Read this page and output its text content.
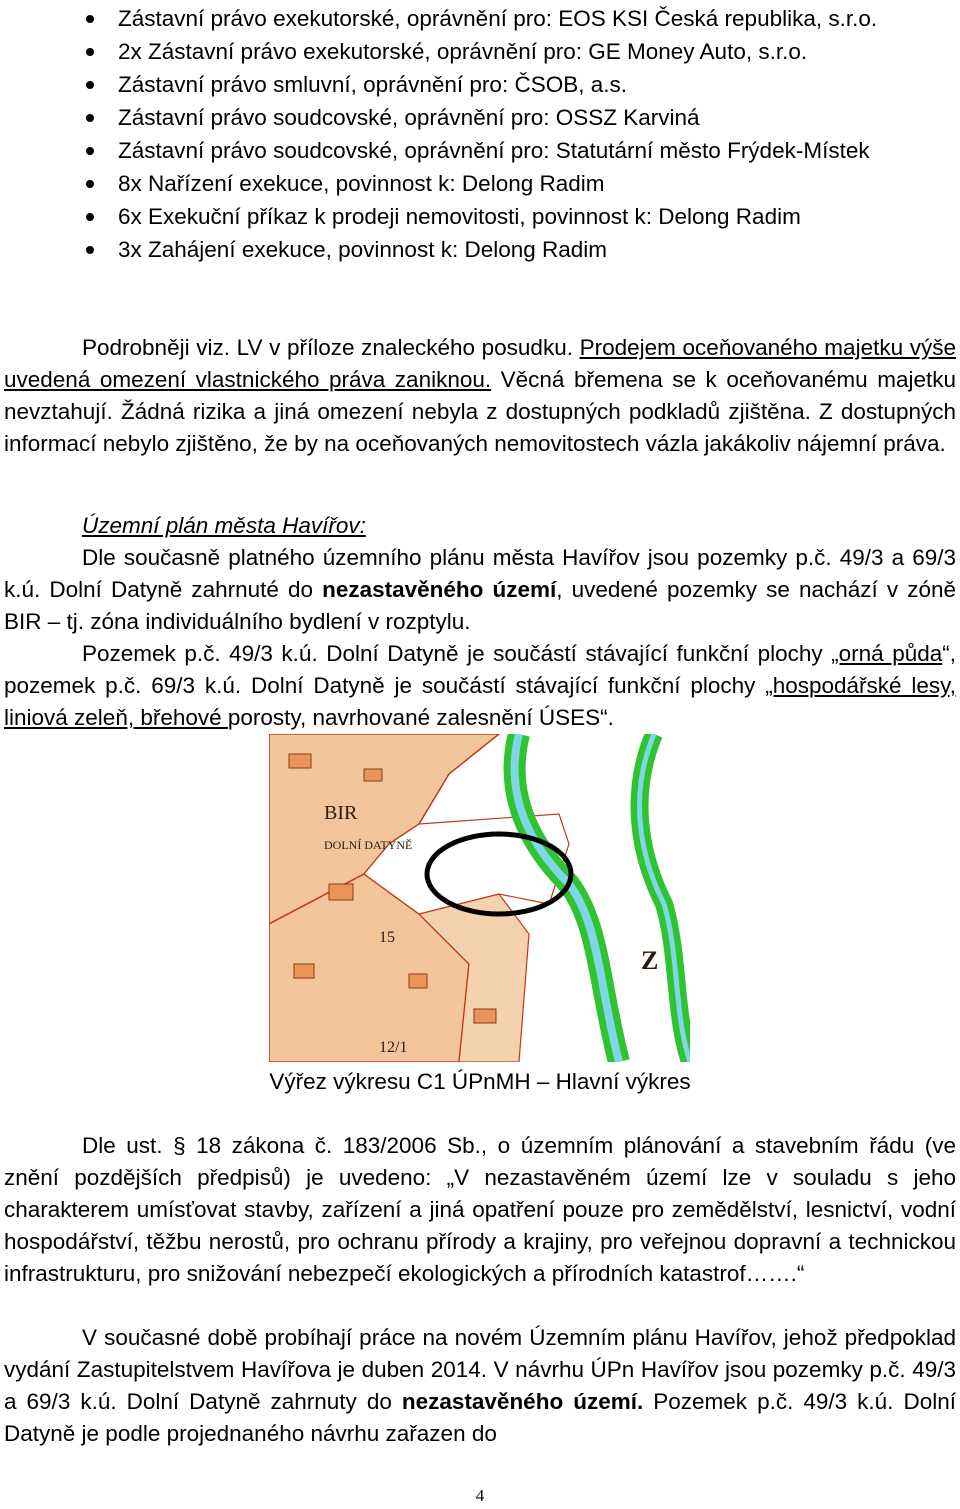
Zástavní právo exekutorské, oprávnění pro: EOS KSI Česká republika, s.r.o.
2x Zástavní právo exekutorské, oprávnění pro: GE Money Auto, s.r.o.
Zástavní právo smluvní, oprávnění pro: ČSOB, a.s.
Zástavní právo soudcovské, oprávnění pro: OSSZ Karviná
Zástavní právo soudcovské, oprávnění pro: Statutární město Frýdek-Místek
8x Nařízení exekuce, povinnost k: Delong Radim
6x Exekuční příkaz k prodeji nemovitosti, povinnost k: Delong Radim
3x Zahájení exekuce, povinnost k: Delong Radim
Podrobněji viz. LV v příloze znaleckého posudku. Prodejem oceňovaného majetku výše uvedená omezení vlastnického práva zaniknou. Věcná břemena se k oceňovanému majetku nevztahují. Žádná rizika a jiná omezení nebyla z dostupných podkladů zjištěna. Z dostupných informací nebylo zjištěno, že by na oceňovaných nemovitostech vázla jakákoliv nájemní práva.
Územní plán města Havířov:
Dle současně platného územního plánu města Havířov jsou pozemky p.č. 49/3 a 69/3 k.ú. Dolní Datyně zahrnuté do nezastavěného území, uvedené pozemky se nachází v zóně BIR – tj. zóna individuálního bydlení v rozptylu.
Pozemek p.č. 49/3 k.ú. Dolní Datyně je součástí stávající funkční plochy „orná půda“, pozemek p.č. 69/3 k.ú. Dolní Datyně je součástí stávající funkční plochy „hospodářské lesy, liniová zeleň, břehové porosty, navrhované zalesnění ÚSES“.
BIR
DOLNÍ DATYNĚ
15
12/1
Z
Výřez výkresu C1 ÚPnMH – Hlavní výkres
Dle ust. § 18 zákona č. 183/2006 Sb., o územním plánování a stavebním řádu (ve znění pozdějších předpisů) je uvedeno: „V nezastavěném území lze v souladu s jeho charakterem umísťovat stavby, zařízení a jiná opatření pouze pro zemědělství, lesnictví, vodní hospodářství, těžbu nerostů, pro ochranu přírody a krajiny, pro veřejnou dopravní a technickou infrastrukturu, pro snižování nebezpečí ekologických a přírodních katastrof…….“
V současné době probíhají práce na novém Územním plánu Havířov, jehož předpoklad vydání Zastupitelstvem Havířova je duben 2014. V návrhu ÚPn Havířov jsou pozemky p.č. 49/3 a 69/3 k.ú. Dolní Datyně zahrnuty do nezastavěného území. Pozemek p.č. 49/3 k.ú. Dolní Datyně je podle projednaného návrhu zařazen do
4
